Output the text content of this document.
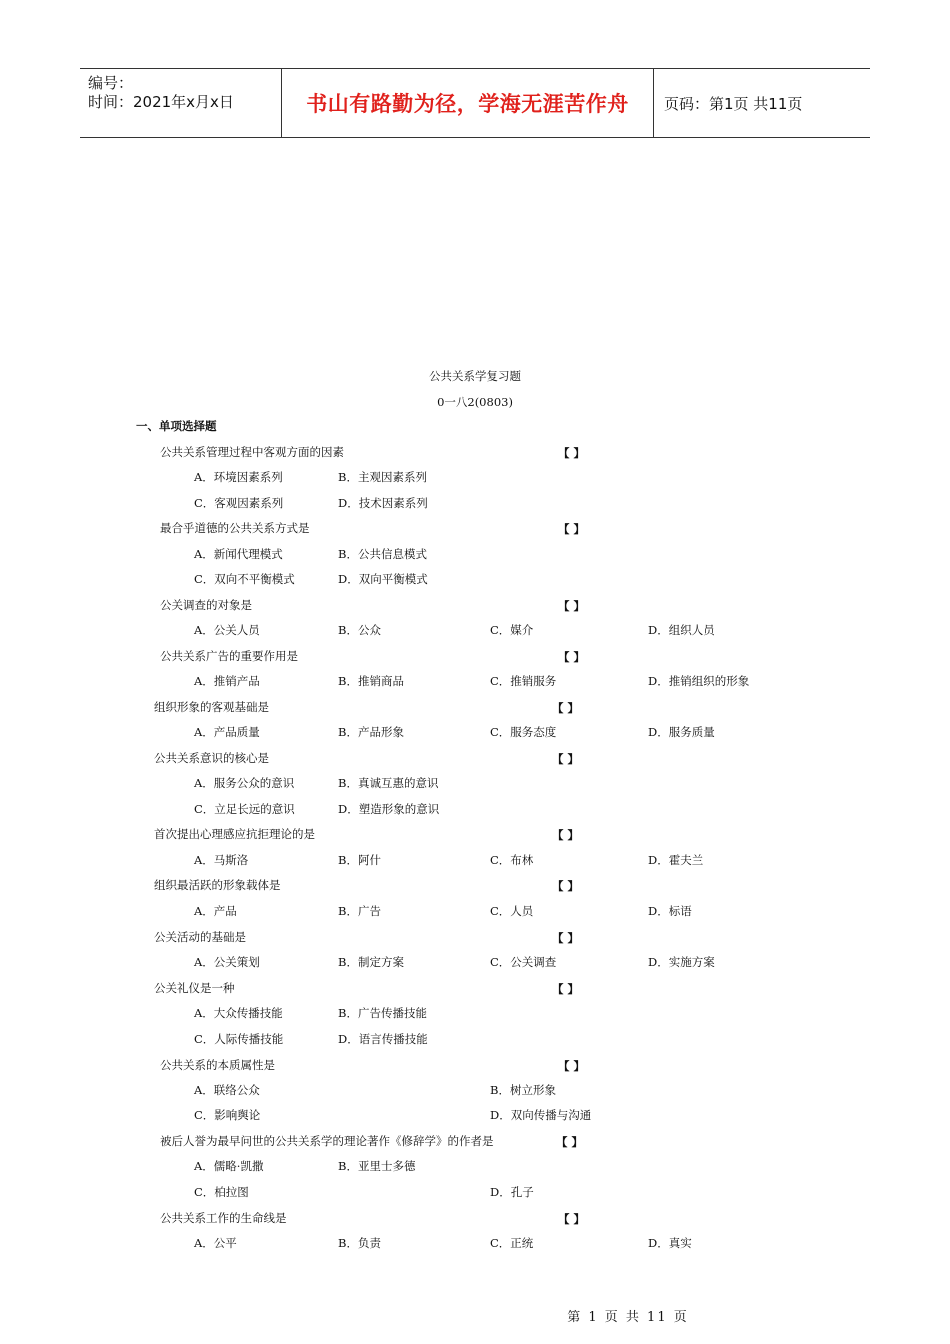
编号：
时间：2021年x月x日	书山有路勤为径，学海无涯苦作舟 页码：第1页 共11页
公共关系学复习题
0一八2(0803)
一、单项选择题
公共关系管理过程中客观方面的因素	【 】
A．环境因素系列	B．主观因素系列
C．客观因素系列	D．技术因素系列
最合乎道德的公共关系方式是	【 】
A．新闻代理模式	B．公共信息模式
C．双向不平衡模式	D．双向平衡模式
公关调查的对象是	【 】
A．公关人员	B．公众	C．媒介	D．组织人员
公共关系广告的重要作用是	【 】
A．推销产品	B．推销商品	C．推销服务	D．推销组织的形象
组织形象的客观基础是	【 】
A．产品质量	B．产品形象	C．服务态度	D．服务质量
公共关系意识的核心是	【 】
A．服务公众的意识	B．真诚互惠的意识
C．立足长远的意识	D．塑造形象的意识
首次提出心理感应抗拒理论的是	【 】
A．马斯洛	B．阿什	C．布林	D．霍夫兰
组织最活跃的形象载体是	【 】
A．产品	B．广告	C．人员	D．标语
公关活动的基础是	【 】
A．公关策划	B．制定方案	C．公关调查	D．实施方案
公关礼仪是一种	【 】
A．大众传播技能	B．广告传播技能
C．人际传播技能	D．语言传播技能
公共关系的本质属性是	【 】
A．联络公众	B．树立形象
C．影响舆论	D．双向传播与沟通
被后人誉为最早问世的公共关系学的理论著作《修辞学》的作者是	【 】
A．儒略·凯撒	B．亚里士多德
C．柏拉图	D．孔子
公共关系工作的生命线是	【 】
A．公平	B．负责	C．正统	D．真实
第 1 页 共 11 页
